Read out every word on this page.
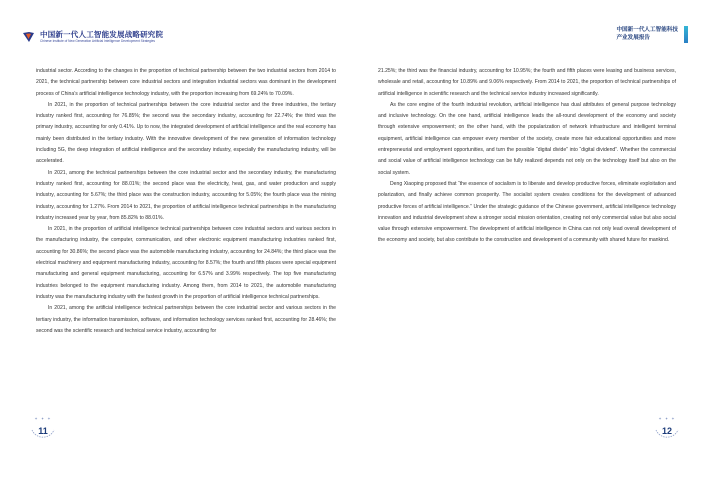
中国新一代人工智能发展战略研究院
Chinese Institute of New Generation Artificial Intelligence Development Strategies

industrial sector. According to the changes in the proportion of technical partnership between the two industrial sectors from 2014 to 2021, the technical partnership between core industrial sectors and integration industrial sectors was dominant in the development process of China’s artificial intelligence technology industry, with the proportion increasing from 69.24% to 70.09%.

In 2021, in the proportion of technical partnerships between the core industrial sector and the three industries, the tertiary industry ranked first, accounting for 76.85%; the second was the secondary industry, accounting for 22.74%; the third was the primary industry, accounting for only 0.41%. Up to now, the integrated development of artificial intelligence and the real economy has mainly been distributed in the tertiary industry. With the innovative development of the new generation of information technology including 5G, the deep integration of artificial intelligence and the secondary industry, especially the manufacturing industry, will be accelerated.

In 2021, among the technical partnerships between the core industrial sector and the secondary industry, the manufacturing industry ranked first, accounting for 88.01%; the second place was the electricity, heat, gas, and water production and supply industry, accounting for 5.67%; the third place was the construction industry, accounting for 5.05%; the fourth place was the mining industry, accounting for 1.27%. From 2014 to 2021, the proportion of artificial intelligence technical partnerships in the manufacturing industry increased year by year, from 85.82% to 88.01%.

In 2021, in the proportion of artificial intelligence technical partnerships between core industrial sectors and various sectors in the manufacturing industry, the computer, communication, and other electronic equipment manufacturing industries ranked first, accounting for 30.86%; the second place was the automobile manufacturing industry, accounting for 24.84%; the third place was the electrical machinery and equipment manufacturing industry, accounting for 8.57%; the fourth and fifth places were special equipment manufacturing and general equipment manufacturing, accounting for 6.57% and 3.99% respectively. The top five manufacturing industries belonged to the equipment manufacturing industry. Among them, from 2014 to 2021, the automobile manufacturing industry was the manufacturing industry with the fastest growth in the proportion of artificial intelligence technical partnerships.

In 2021, among the artificial intelligence technical partnerships between the core industrial sector and various sectors in the tertiary industry, the information transmission, software, and information technology services ranked first, accounting for 28.46%; the second was the scientific research and technical service industry, accounting for

✦ ✦ ✦
11
中国新一代人工智能科技
产业发展报告

21.25%; the third was the financial industry, accounting for 10.95%; the fourth and fifth places were leasing and business services, wholesale and retail, accounting for 10.89% and 9.06% respectively. From 2014 to 2021, the proportion of technical partnerships of artificial intelligence in scientific research and the technical service industry increased significantly.

As the core engine of the fourth industrial revolution, artificial intelligence has dual attributes of general purpose technology and inclusive technology. On the one hand, artificial intelligence leads the all-round development of the economy and society through extensive empowerment; on the other hand, with the popularization of network infrastructure and intelligent terminal equipment, artificial intelligence can empower every member of the society, create more fair educational opportunities and more entrepreneurial and employment opportunities, and turn the possible “digital divide” into “digital dividend”. Whether the commercial and social value of artificial intelligence technology can be fully realized depends not only on the technology itself but also on the social system.

Deng Xiaoping proposed that “the essence of socialism is to liberate and develop productive forces, eliminate exploitation and polarization, and finally achieve common prosperity. The socialist system creates conditions for the development of advanced productive forces of artificial intelligence.” Under the strategic guidance of the Chinese government, artificial intelligence technology innovation and industrial development show a stronger social mission orientation, creating not only commercial value but also social value through extensive empowerment. The development of artificial intelligence in China can not only lead overall development of the economy and society, but also contribute to the construction and development of a community with shared future for mankind.

✦ ✦ ✦
12
